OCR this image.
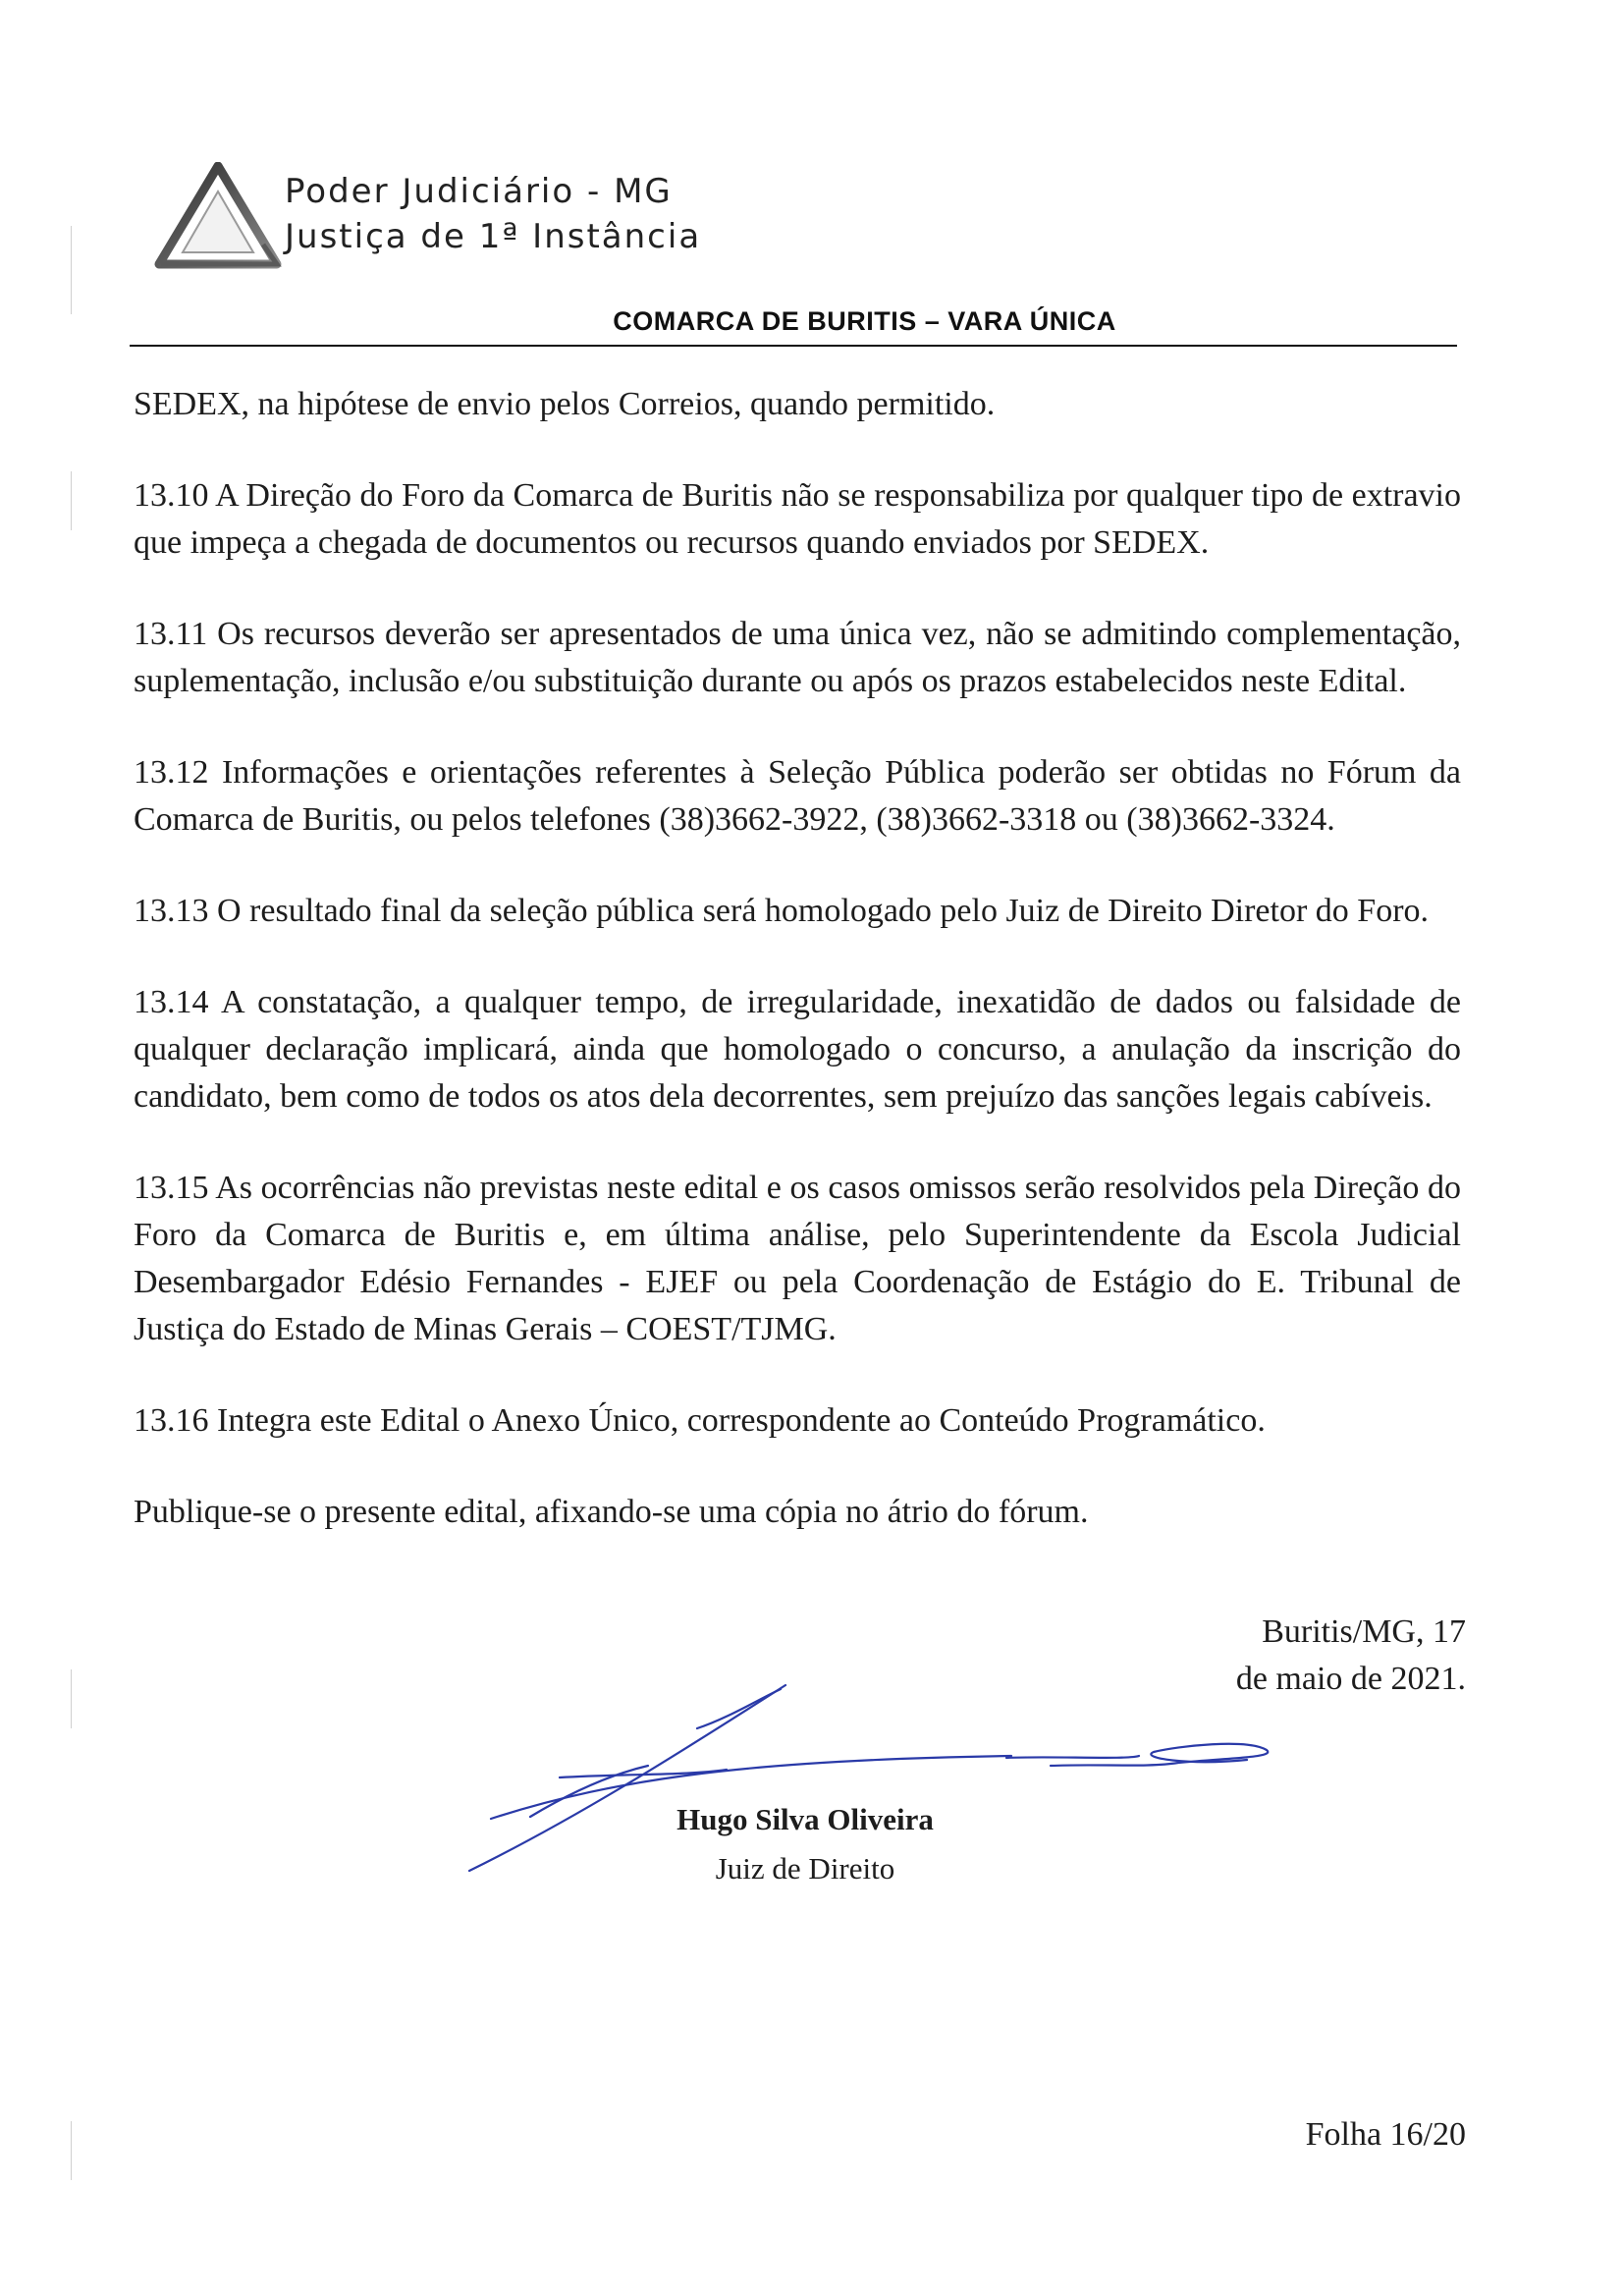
Poder Judiciário - MG
Justiça de 1ª Instância
COMARCA DE BURITIS – VARA ÚNICA

SEDEX, na hipótese de envio pelos Correios, quando permitido.

13.10 A Direção do Foro da Comarca de Buritis não se responsabiliza por qualquer tipo de extravio que impeça a chegada de documentos ou recursos quando enviados por SEDEX.

13.11 Os recursos deverão ser apresentados de uma única vez, não se admitindo complementação, suplementação, inclusão e/ou substituição durante ou após os prazos estabelecidos neste Edital.

13.12 Informações e orientações referentes à Seleção Pública poderão ser obtidas no Fórum da Comarca de Buritis, ou pelos telefones (38)3662-3922, (38)3662-3318 ou (38)3662-3324.

13.13 O resultado final da seleção pública será homologado pelo Juiz de Direito Diretor do Foro.

13.14 A constatação, a qualquer tempo, de irregularidade, inexatidão de dados ou falsidade de qualquer declaração implicará, ainda que homologado o concurso, a anulação da inscrição do candidato, bem como de todos os atos dela decorrentes, sem prejuízo das sanções legais cabíveis.

13.15 As ocorrências não previstas neste edital e os casos omissos serão resolvidos pela Direção do Foro da Comarca de Buritis e, em última análise, pelo Superintendente da Escola Judicial Desembargador Edésio Fernandes - EJEF ou pela Coordenação de Estágio do E. Tribunal de Justiça do Estado de Minas Gerais – COEST/TJMG.

13.16 Integra este Edital o Anexo Único, correspondente ao Conteúdo Programático.

Publique-se o presente edital, afixando-se uma cópia no átrio do fórum.

Buritis/MG, 17
de maio de 2021.
Hugo Silva Oliveira
Juiz de Direito
Folha 16/20
